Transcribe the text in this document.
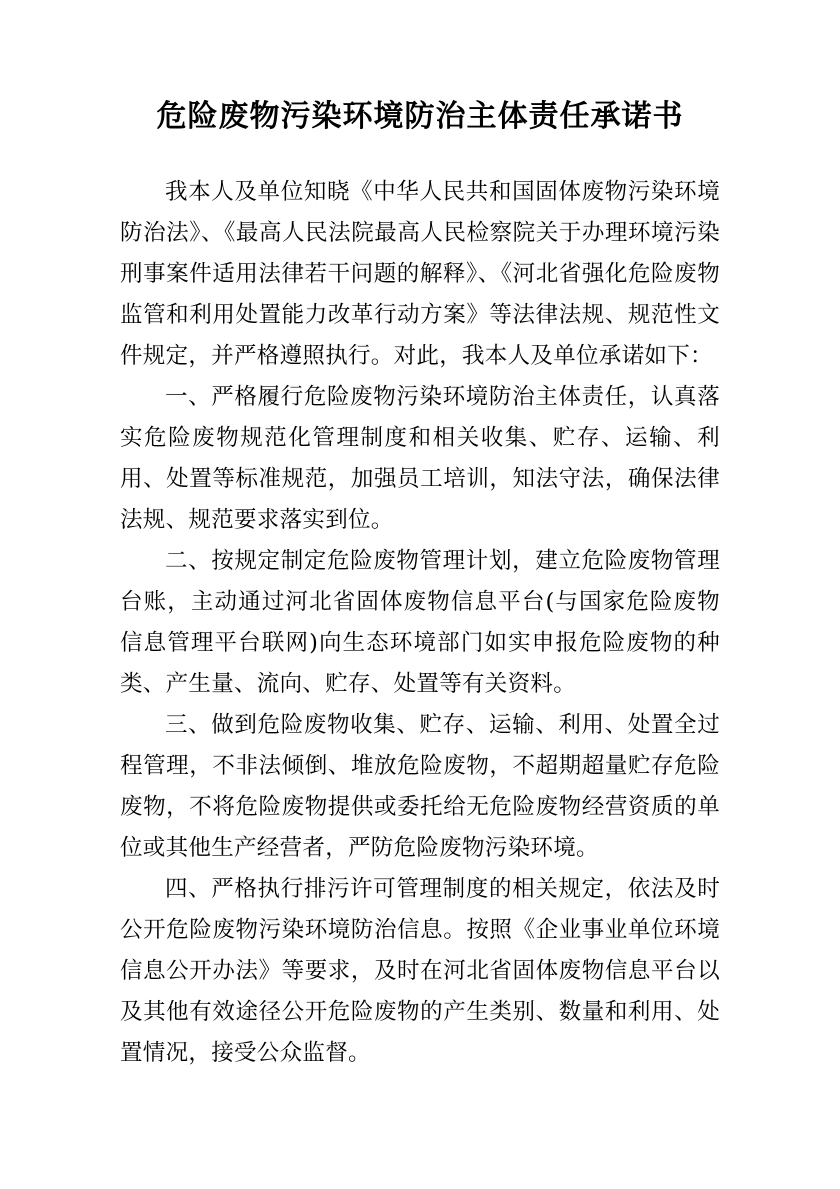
危险废物污染环境防治主体责任承诺书

我本人及单位知晓《中华人民共和国固体废物污染环境防治法》、《最高人民法院最高人民检察院关于办理环境污染刑事案件适用法律若干问题的解释》、《河北省强化危险废物监管和利用处置能力改革行动方案》等法律法规、规范性文件规定，并严格遵照执行。对此，我本人及单位承诺如下：

一、严格履行危险废物污染环境防治主体责任，认真落实危险废物规范化管理制度和相关收集、贮存、运输、利用、处置等标准规范，加强员工培训，知法守法，确保法律法规、规范要求落实到位。

二、按规定制定危险废物管理计划，建立危险废物管理台账，主动通过河北省固体废物信息平台(与国家危险废物信息管理平台联网)向生态环境部门如实申报危险废物的种类、产生量、流向、贮存、处置等有关资料。

三、做到危险废物收集、贮存、运输、利用、处置全过程管理，不非法倾倒、堆放危险废物，不超期超量贮存危险废物，不将危险废物提供或委托给无危险废物经营资质的单位或其他生产经营者，严防危险废物污染环境。

四、严格执行排污许可管理制度的相关规定，依法及时公开危险废物污染环境防治信息。按照《企业事业单位环境信息公开办法》等要求，及时在河北省固体废物信息平台以及其他有效途径公开危险废物的产生类别、数量和利用、处置情况，接受公众监督。
